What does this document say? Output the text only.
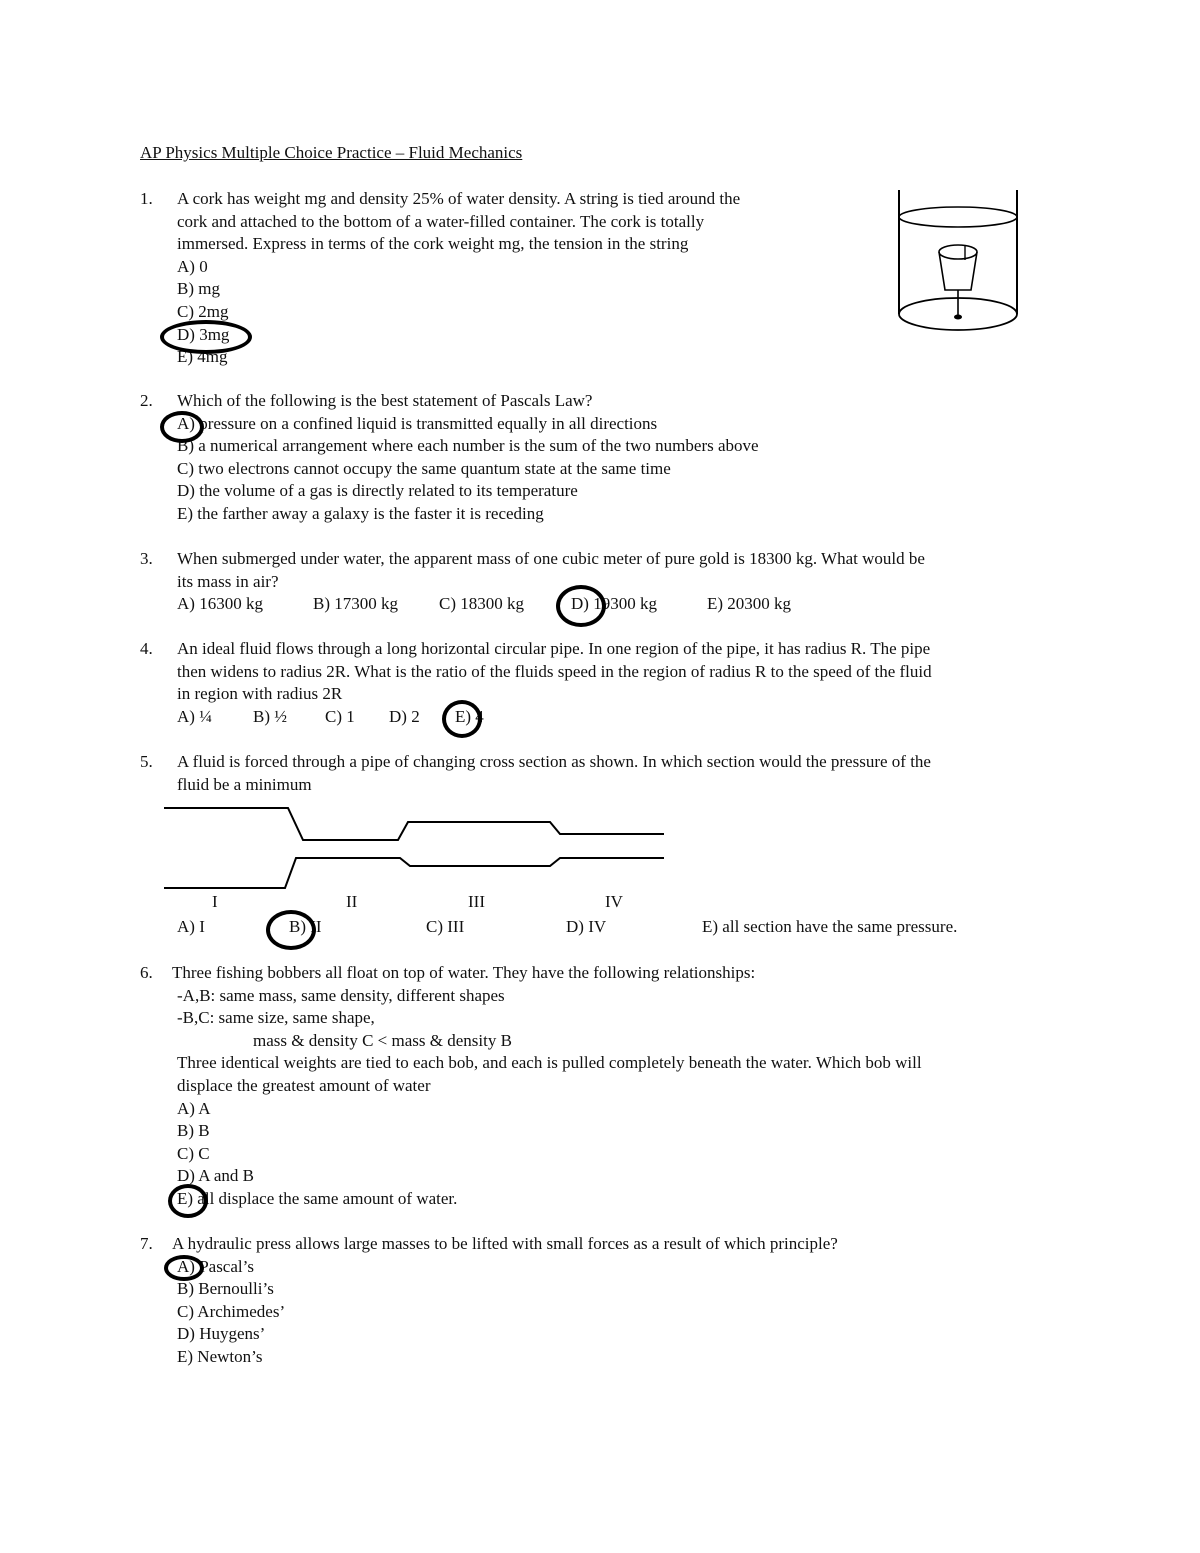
AP Physics Multiple Choice Practice – Fluid Mechanics
1.	A cork has weight mg and density 25% of water density. A string is tied around the
cork and attached to the bottom of a water-filled container. The cork is totally
immersed. Express in terms of the cork weight mg, the tension in the string
A) 0
B) mg
C) 2mg
D) 3mg
E) 4mg
2.	Which of the following is the best statement of Pascals Law?
A) pressure on a confined liquid is transmitted equally in all directions
B) a numerical arrangement where each number is the sum of the two numbers above
C) two electrons cannot occupy the same quantum state at the same time
D) the volume of a gas is directly related to its temperature
E) the farther away a galaxy is the faster it is receding
3.	When submerged under water, the apparent mass of one cubic meter of pure gold is 18300 kg. What would be
its mass in air?
A) 16300 kg	B) 17300 kg	C) 18300 kg	D) 19300 kg	E) 20300 kg
4.	An ideal fluid flows through a long horizontal circular pipe. In one region of the pipe, it has radius R. The pipe
then widens to radius 2R. What is the ratio of the fluids speed in the region of radius R to the speed of the fluid
in region with radius 2R
A) ¼	B) ½	C) 1	D) 2	E) 4
5.	A fluid is forced through a pipe of changing cross section as shown. In which section would the pressure of the
fluid be a minimum
I	II	III	IV
A) I	B) II	C) III	D) IV	E) all section have the same pressure.
6.	Three fishing bobbers all float on top of water. They have the following relationships:
-A,B: same mass, same density, different shapes
-B,C: same size, same shape,
mass & density C < mass & density B
Three identical weights are tied to each bob, and each is pulled completely beneath the water. Which bob will
displace the greatest amount of water
A) A
B) B
C) C
D) A and B
E) all displace the same amount of water.
7.	A hydraulic press allows large masses to be lifted with small forces as a result of which principle?
A) Pascal’s
B) Bernoulli’s
C) Archimedes’
D) Huygens’
E) Newton’s
